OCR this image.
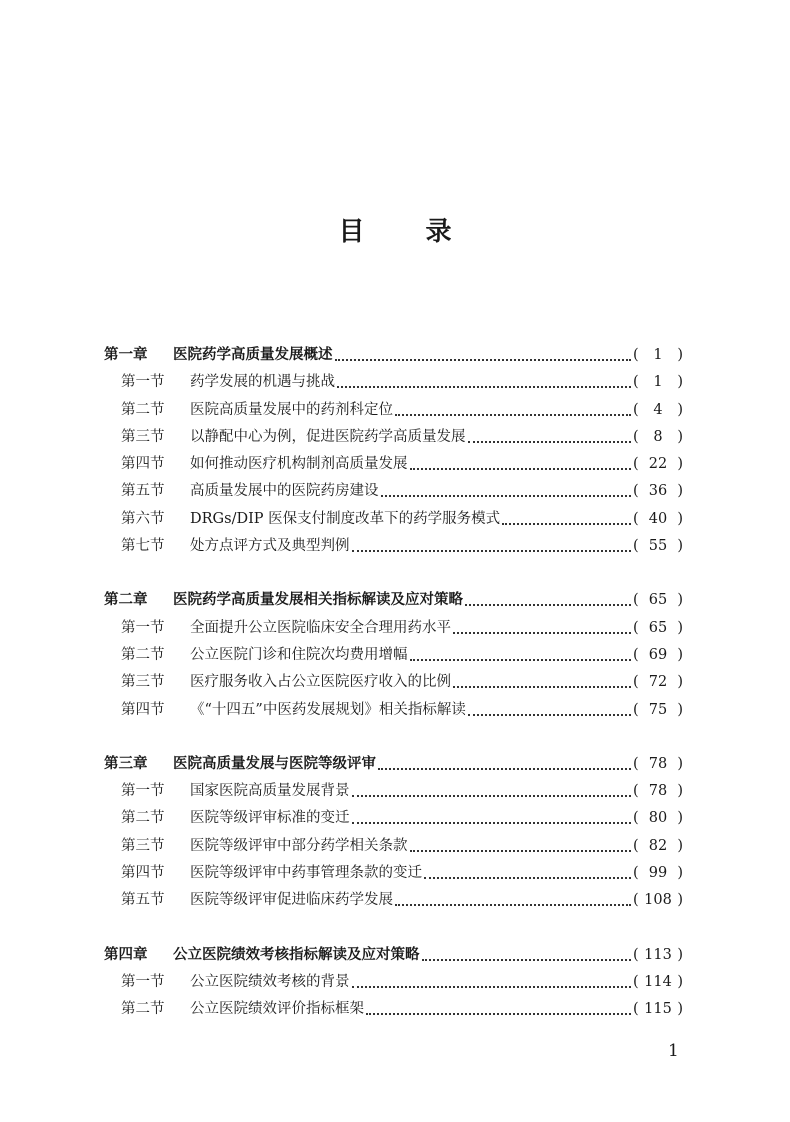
目 录
第一章	医院药学高质量发展概述	(	1	)
第一节	药学发展的机遇与挑战	(	1	)
第二节	医院高质量发展中的药剂科定位	(	4	)
第三节	以静配中心为例，促进医院药学高质量发展	(	8	)
第四节	如何推动医疗机构制剂高质量发展	( 22 )
第五节	高质量发展中的医院药房建设	( 36 )
第六节	DRGs/DIP 医保支付制度改革下的药学服务模式	( 40 )
第七节	处方点评方式及典型判例	( 55 )
第二章	医院药学高质量发展相关指标解读及应对策略	( 65 )
第一节	全面提升公立医院临床安全合理用药水平	( 65 )
第二节	公立医院门诊和住院次均费用增幅	( 69 )
第三节	医疗服务收入占公立医院医疗收入的比例	( 72 )
第四节	《“十四五”中医药发展规划》相关指标解读	( 75 )
第三章	医院高质量发展与医院等级评审	( 78 )
第一节	国家医院高质量发展背景	( 78 )
第二节	医院等级评审标准的变迁	( 80 )
第三节	医院等级评审中部分药学相关条款	( 82 )
第四节	医院等级评审中药事管理条款的变迁	( 99 )
第五节	医院等级评审促进临床药学发展	( 108 )
第四章	公立医院绩效考核指标解读及应对策略	( 113 )
第一节	公立医院绩效考核的背景	( 114 )
第二节	公立医院绩效评价指标框架	( 115 )
1
